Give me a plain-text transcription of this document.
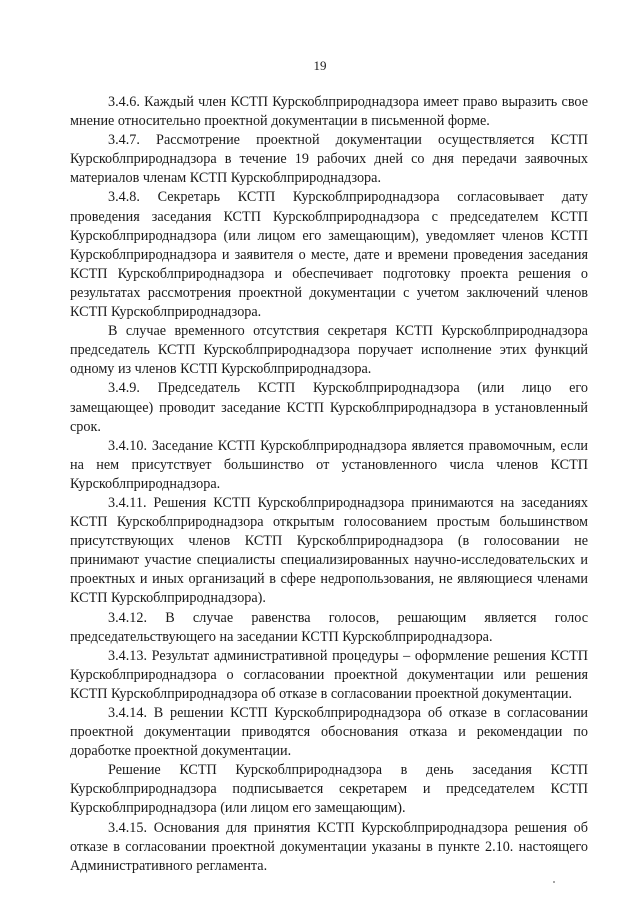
19

3.4.6. Каждый член КСТП Курскоблприроднадзора имеет право выразить свое мнение относительно проектной документации в письменной форме.

3.4.7. Рассмотрение проектной документации осуществляется КСТП Курскоблприроднадзора в течение 19 рабочих дней со дня передачи заявочных материалов членам КСТП Курскоблприроднадзора.

3.4.8. Секретарь КСТП Курскоблприроднадзора согласовывает дату проведения заседания КСТП Курскоблприроднадзора с председателем КСТП Курскоблприроднадзора (или лицом его замещающим), уведомляет членов КСТП Курскоблприроднадзора и заявителя о месте, дате и времени проведения заседания КСТП Курскоблприроднадзора и обеспечивает подготовку проекта решения о результатах рассмотрения проектной документации с учетом заключений членов КСТП Курскоблприроднадзора.

В случае временного отсутствия секретаря КСТП Курскоблприроднадзора председатель КСТП Курскоблприроднадзора поручает исполнение этих функций одному из членов КСТП Курскоблприроднадзора.

3.4.9. Председатель КСТП Курскоблприроднадзора (или лицо его замещающее) проводит заседание КСТП Курскоблприроднадзора в установленный срок.

3.4.10. Заседание КСТП Курскоблприроднадзора является правомочным, если на нем присутствует большинство от установленного числа членов КСТП Курскоблприроднадзора.

3.4.11. Решения КСТП Курскоблприроднадзора принимаются на заседаниях КСТП Курскоблприроднадзора открытым голосованием простым большинством присутствующих членов КСТП Курскоблприроднадзора (в голосовании не принимают участие специалисты специализированных научно-исследовательских и проектных и иных организаций в сфере недропользования, не являющиеся членами КСТП Курскоблприроднадзора).

3.4.12. В случае равенства голосов, решающим является голос председательствующего на заседании КСТП Курскоблприроднадзора.

3.4.13. Результат административной процедуры – оформление решения КСТП Курскоблприроднадзора о согласовании проектной документации или решения КСТП Курскоблприроднадзора об отказе в согласовании проектной документации.

3.4.14. В решении КСТП Курскоблприроднадзора об отказе в согласовании проектной документации приводятся обоснования отказа и рекомендации по доработке проектной документации.

Решение КСТП Курскоблприроднадзора в день заседания КСТП Курскоблприроднадзора подписывается секретарем и председателем КСТП Курскоблприроднадзора (или лицом его замещающим).

3.4.15. Основания для принятия КСТП Курскоблприроднадзора решения об отказе в согласовании проектной документации указаны в пункте 2.10. настоящего Административного регламента.
